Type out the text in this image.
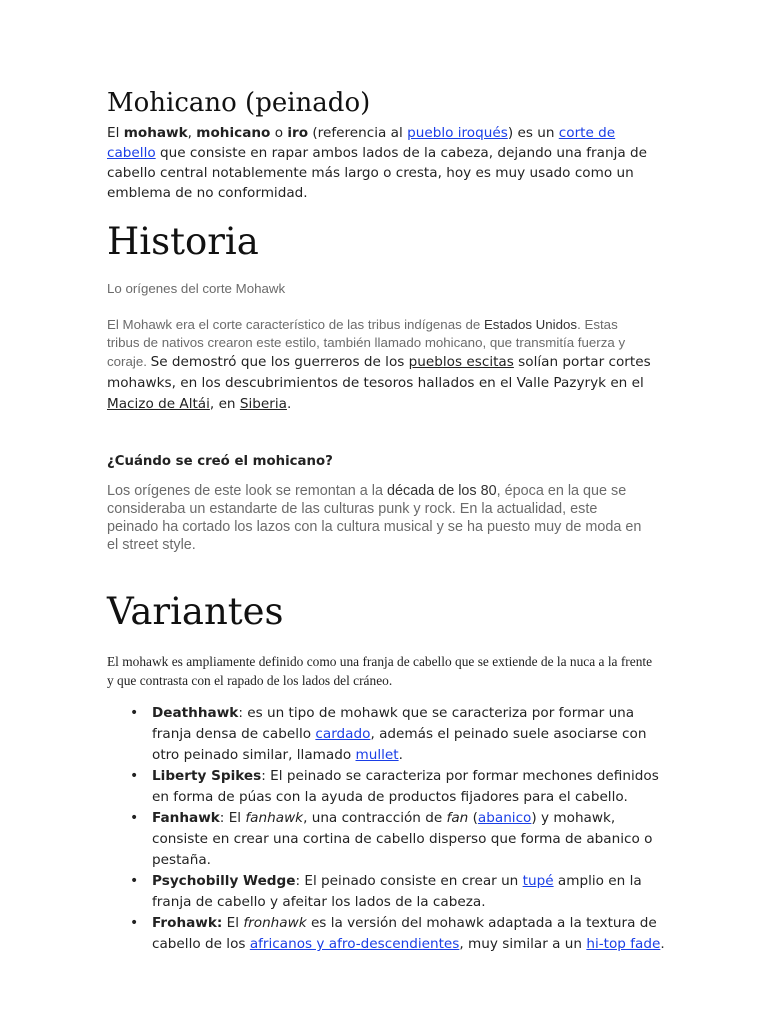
Mohicano (peinado)
El mohawk, mohicano o iro (referencia al pueblo iroqués) es un corte de cabello que consiste en rapar ambos lados de la cabeza, dejando una franja de cabello central notablemente más largo o cresta, hoy es muy usado como un emblema de no conformidad.
Historia
Lo orígenes del corte Mohawk
El Mohawk era el corte característico de las tribus indígenas de Estados Unidos. Estas tribus de nativos crearon este estilo, también llamado mohicano, que transmitía fuerza y coraje. Se demostró que los guerreros de los pueblos escitas solían portar cortes mohawks, en los descubrimientos de tesoros hallados en el Valle Pazyryk en el Macizo de Altái, en Siberia.
¿Cuándo se creó el mohicano?
Los orígenes de este look se remontan a la década de los 80, época en la que se consideraba un estandarte de las culturas punk y rock. En la actualidad, este peinado ha cortado los lazos con la cultura musical y se ha puesto muy de moda en el street style.
Variantes
El mohawk es ampliamente definido como una franja de cabello que se extiende de la nuca a la frente y que contrasta con el rapado de los lados del cráneo.
• Deathhawk: es un tipo de mohawk que se caracteriza por formar una franja densa de cabello cardado, además el peinado suele asociarse con otro peinado similar, llamado mullet.
• Liberty Spikes: El peinado se caracteriza por formar mechones definidos en forma de púas con la ayuda de productos fijadores para el cabello.
• Fanhawk: El fanhawk, una contracción de fan (abanico) y mohawk, consiste en crear una cortina de cabello disperso que forma de abanico o pestaña.
• Psychobilly Wedge: El peinado consiste en crear un tupé amplio en la franja de cabello y afeitar los lados de la cabeza.
• Frohawk: El fronhawk es la versión del mohawk adaptada a la textura de cabello de los africanos y afro-descendientes, muy similar a un hi-top fade.
